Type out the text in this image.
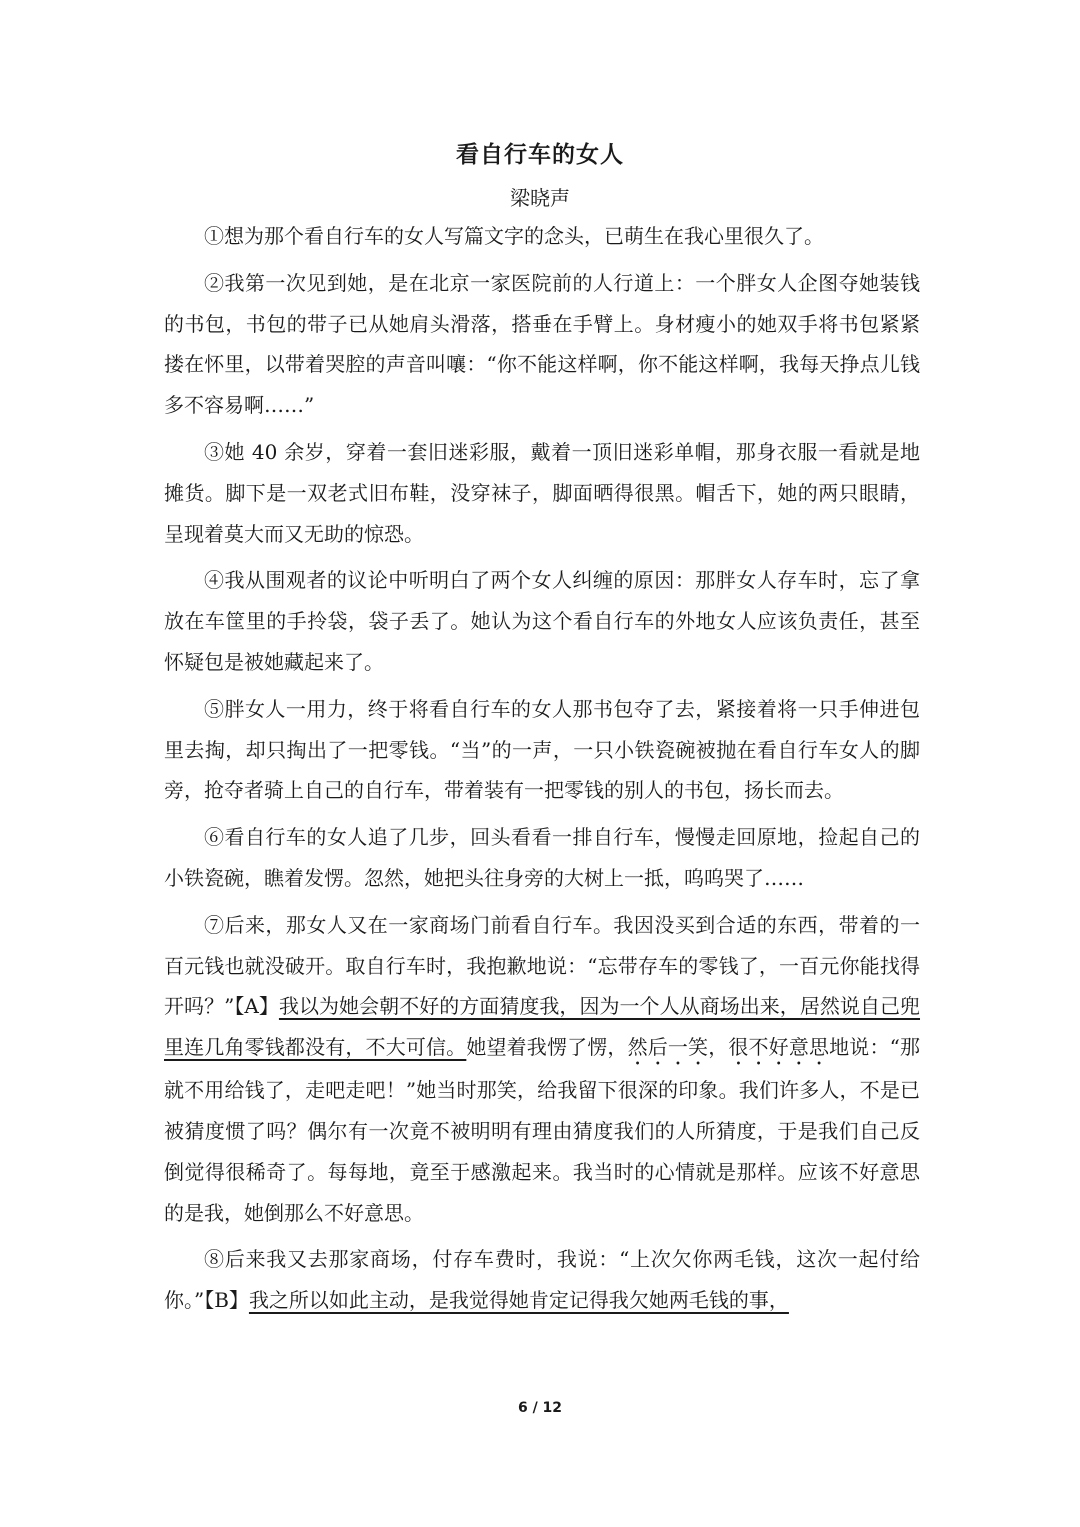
看自行车的女人
梁晓声

①想为那个看自行车的女人写篇文字的念头，已萌生在我心里很久了。

②我第一次见到她，是在北京一家医院前的人行道上：一个胖女人企图夺她装钱的书包，书包的带子已从她肩头滑落，搭垂在手臂上。身材瘦小的她双手将书包紧紧搂在怀里，以带着哭腔的声音叫嚷：“你不能这样啊，你不能这样啊，我每天挣点儿钱多不容易啊……”

③她 40 余岁，穿着一套旧迷彩服，戴着一顶旧迷彩单帽，那身衣服一看就是地摊货。脚下是一双老式旧布鞋，没穿袜子，脚面晒得很黑。帽舌下，她的两只眼睛，呈现着莫大而又无助的惊恐。

④我从围观者的议论中听明白了两个女人纠缠的原因：那胖女人存车时，忘了拿放在车筐里的手拎袋，袋子丢了。她认为这个看自行车的外地女人应该负责任，甚至怀疑包是被她藏起来了。

⑤胖女人一用力，终于将看自行车的女人那书包夺了去，紧接着将一只手伸进包里去掏，却只掏出了一把零钱。“当”的一声，一只小铁瓷碗被抛在看自行车女人的脚旁，抢夺者骑上自己的自行车，带着装有一把零钱的别人的书包，扬长而去。

⑥看自行车的女人追了几步，回头看看一排自行车，慢慢走回原地，捡起自己的小铁瓷碗，瞧着发愣。忽然，她把头往身旁的大树上一抵，呜呜哭了……

⑦后来，那女人又在一家商场门前看自行车。我因没买到合适的东西，带着的一百元钱也就没破开。取自行车时，我抱歉地说：“忘带存车的零钱了，一百元你能找得开吗？”【A】我以为她会朝不好的方面猜度我，因为一个人从商场出来，居然说自己兜里连几角零钱都没有，不大可信。她望着我愣了愣，然后一笑，很不好意思地说：“那就不用给钱了，走吧走吧！”她当时那笑，给我留下很深的印象。我们许多人，不是已被猜度惯了吗？偶尔有一次竟不被明明有理由猜度我们的人所猜度，于是我们自己反倒觉得很稀奇了。每每地，竟至于感激起来。我当时的心情就是那样。应该不好意思的是我，她倒那么不好意思。

⑧后来我又去那家商场，付存车费时，我说：“上次欠你两毛钱，这次一起付给你。”【B】我之所以如此主动，是我觉得她肯定记得我欠她两毛钱的事，

6 / 12
